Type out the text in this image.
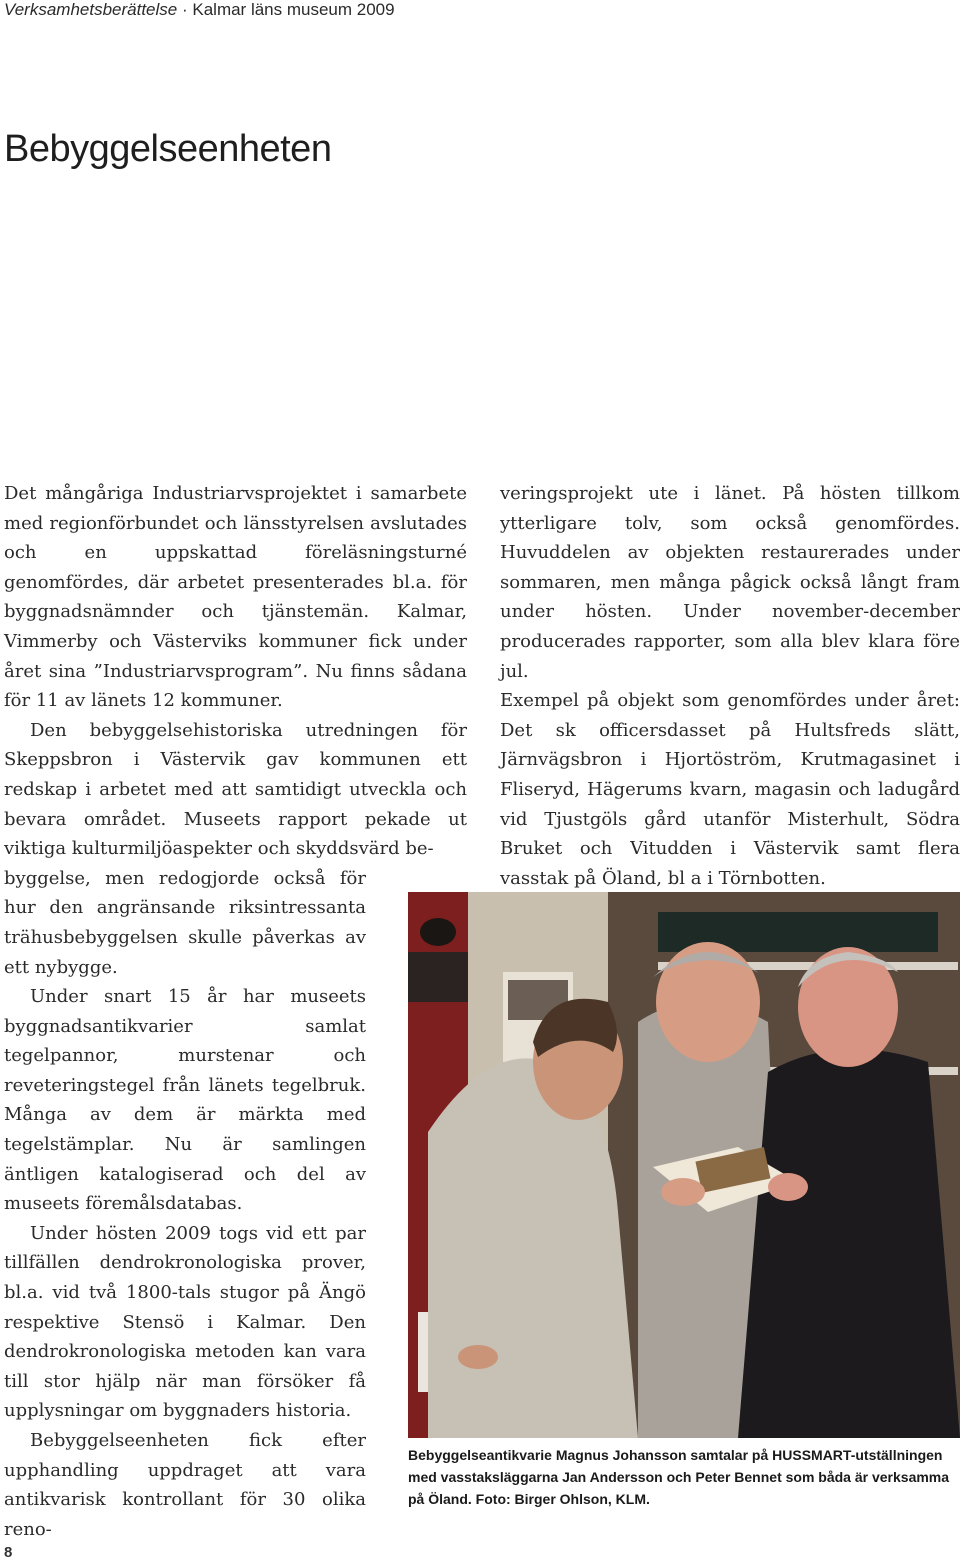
Verksamhetsberättelse · Kalmar läns museum 2009
Bebyggelseenheten

Det mångåriga Industriarvsprojektet i samarbete med regionförbundet och länsstyrelsen avslutades och en uppskattad föreläsningsturné genomfördes, där arbetet presenterades bl.a. för byggnadsnämnder och tjänstemän. Kalmar, Vimmerby och Västerviks kommuner fick under året sina ”Industriarvsprogram”. Nu finns sådana för 11 av länets 12 kommuner.

Den bebyggelsehistoriska utredningen för Skeppsbron i Västervik gav kommunen ett redskap i arbetet med att samtidigt utveckla och bevara området. Museets rapport pekade ut viktiga kulturmiljöaspekter och skyddsvärd be-

byggelse, men redogjorde också för hur den angränsande riksintressanta trähusbebyggelsen skulle påverkas av ett nybygge.

Under snart 15 år har museets byggnadsantikvarier samlat tegelpannor, murstenar och reveteringstegel från länets tegelbruk. Många av dem är märkta med tegelstämplar. Nu är samlingen äntligen katalogiserad och del av museets föremålsdatabas.

Under hösten 2009 togs vid ett par tillfällen dendrokronologiska prover, bl.a. vid två 1800-tals stugor på Ängö respektive Stensö i Kalmar. Den dendrokronologiska metoden kan vara till stor hjälp när man försöker få upplysningar om byggnaders historia.

Bebyggelseenheten fick efter upphandling uppdraget att vara antikvarisk kontrollant för 30 olika reno-

veringsprojekt ute i länet. På hösten tillkom ytterligare tolv, som också genomfördes. Huvuddelen av objekten restaurerades under sommaren, men många pågick också långt fram under hösten. Under november-december producerades rapporter, som alla blev klara före jul.

Exempel på objekt som genomfördes under året: Det sk officersdasset på Hultsfreds slätt, Järnvägsbron i Hjortöström, Krutmagasinet i Fliseryd, Hägerums kvarn, magasin och ladugård vid Tjustgöls gård utanför Misterhult, Södra Bruket och Vitudden i Västervik samt flera vasstak på Öland, bl a i Törnbotten.

Bebyggelseantikvarie Magnus Johansson samtalar på HUSSMART-utställningen med vasstaksläggarna Jan Andersson och Peter Bennet som båda är verksamma på Öland. Foto: Birger Ohlson, KLM.
8
